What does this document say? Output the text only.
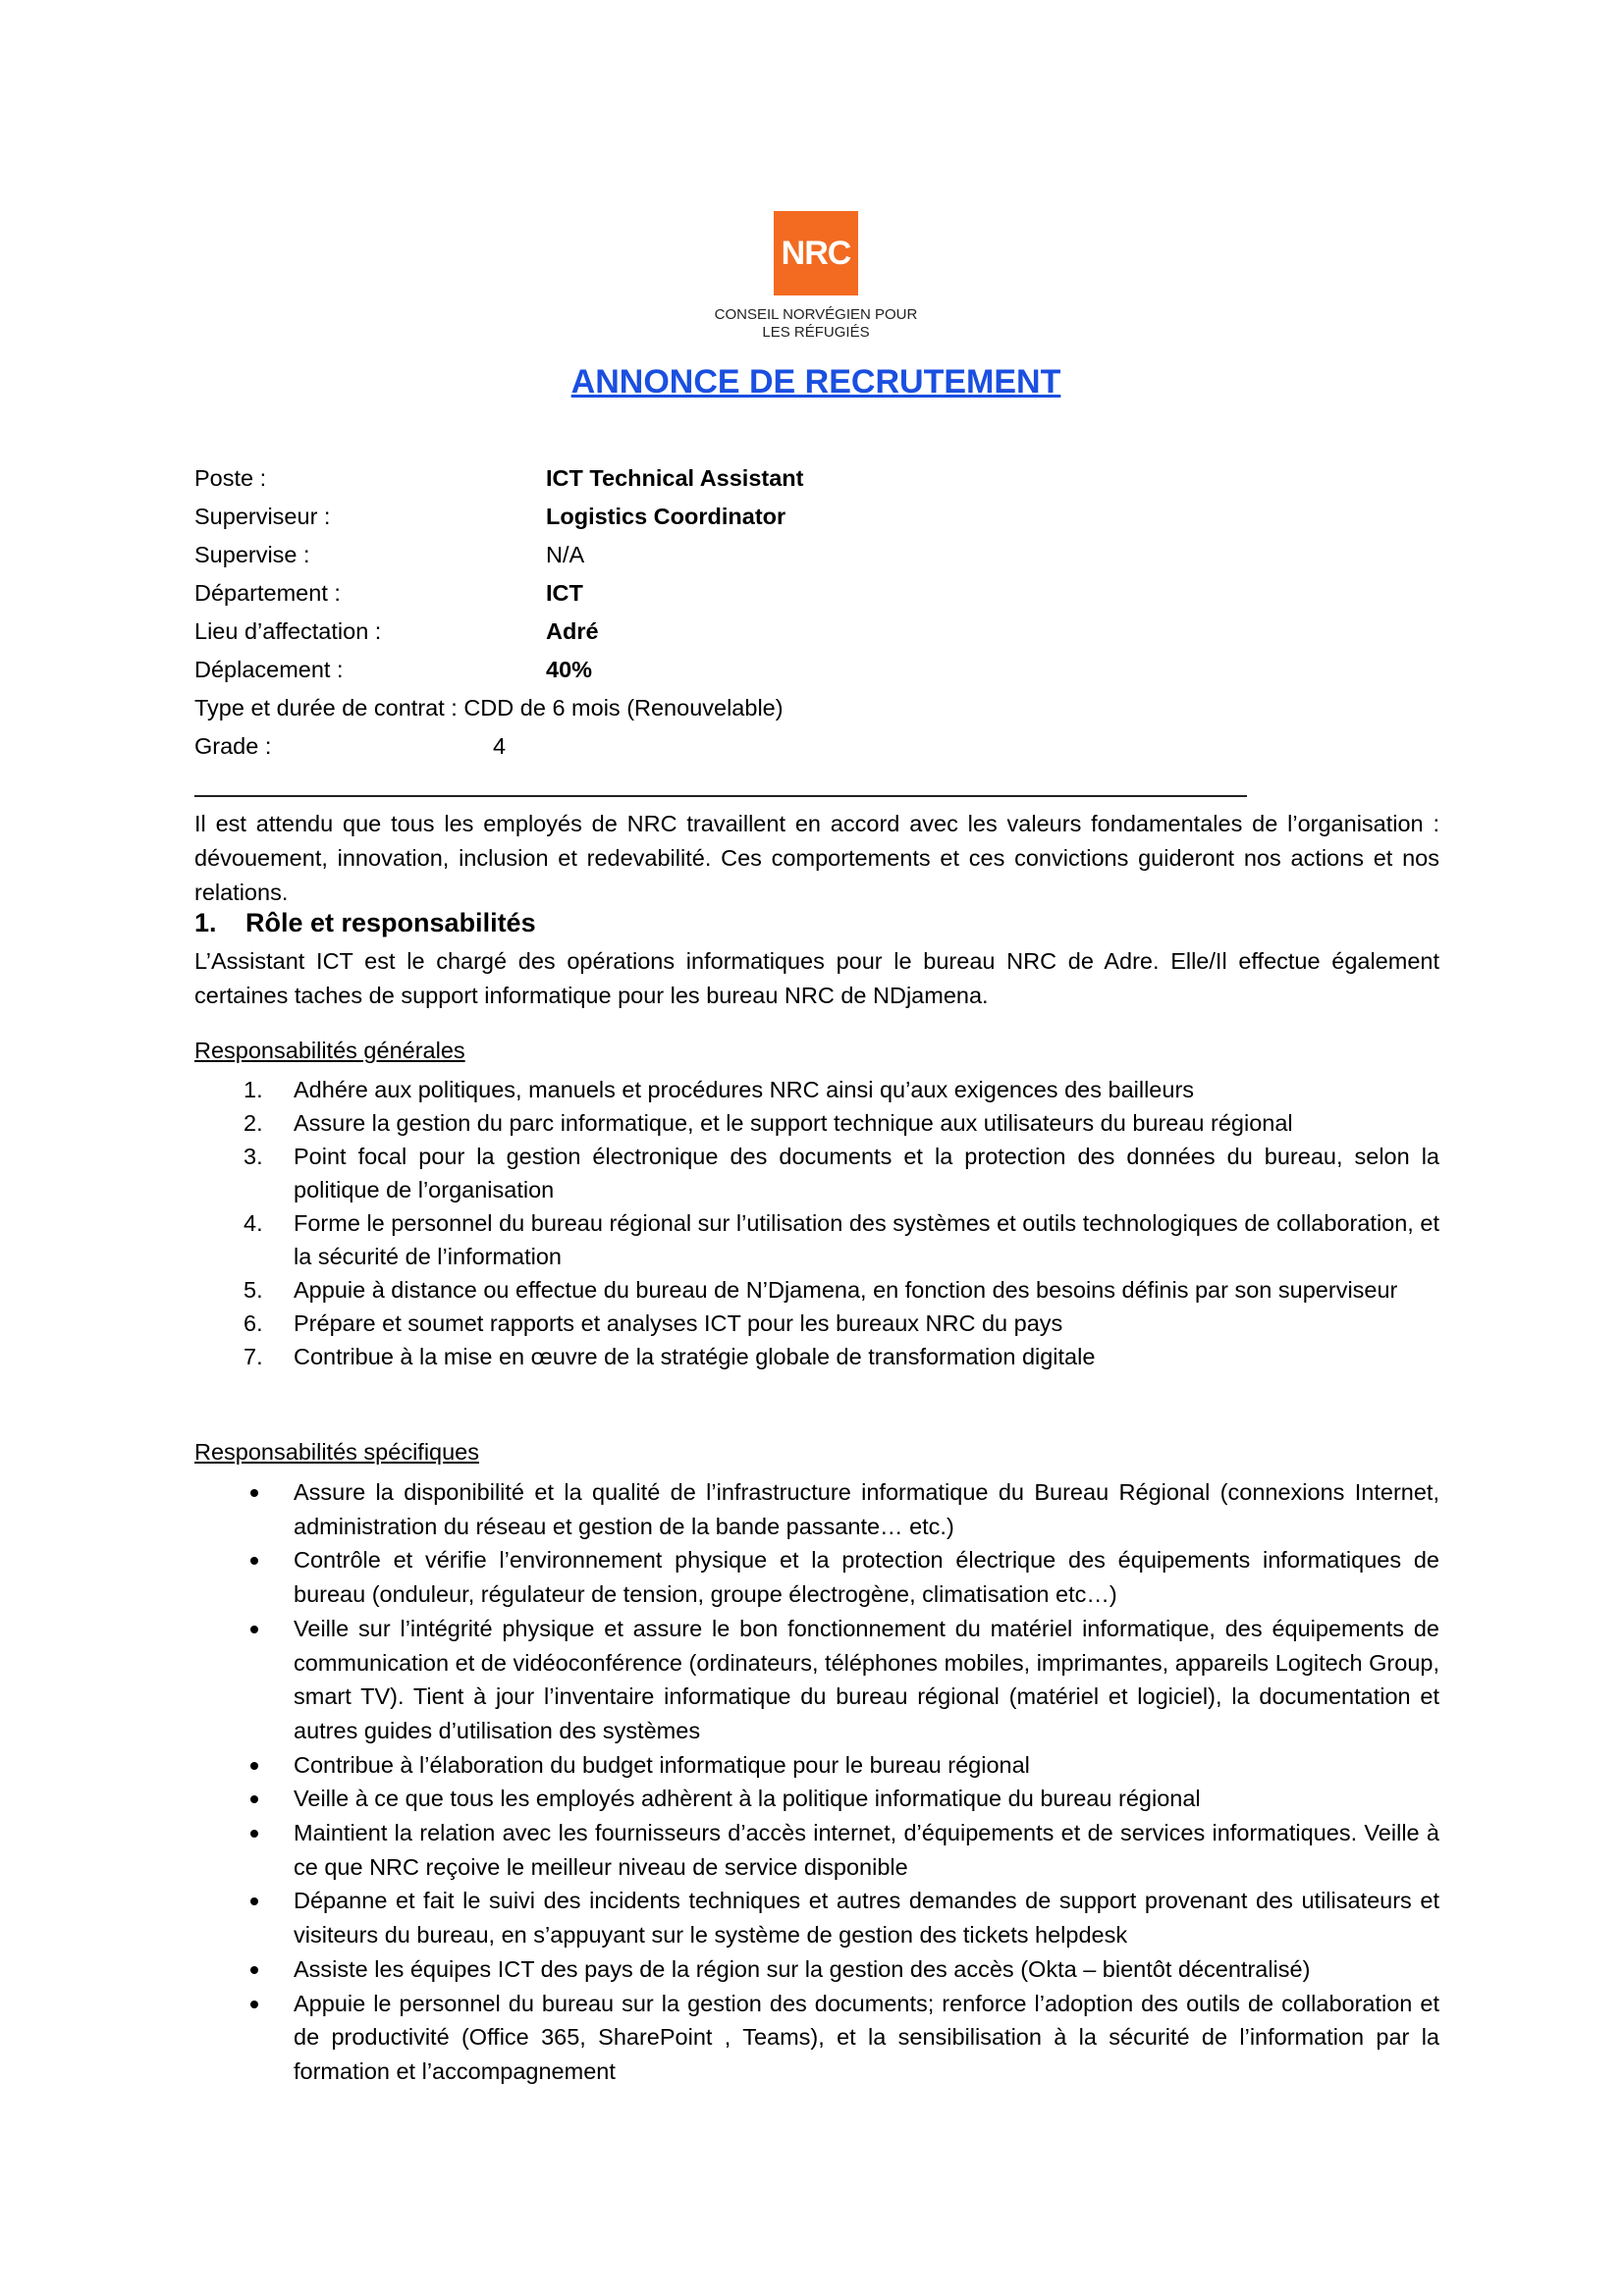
NRC
CONSEIL NORVÉGIEN POUR
LES RÉFUGIÉS
ANNONCE DE RECRUTEMENT
Poste :	ICT Technical Assistant
Superviseur :	Logistics Coordinator
Supervise :	N/A
Département :	ICT
Lieu d’affectation :	Adré
Déplacement :	40%
Type et durée de contrat : CDD de 6 mois (Renouvelable)
Grade :	4
Il est attendu que tous les employés de NRC travaillent en accord avec les valeurs fondamentales de l’organisation : dévouement, innovation, inclusion et redevabilité. Ces comportements et ces convictions guideront nos actions et nos relations.
1. Rôle et responsabilités
L’Assistant ICT est le chargé des opérations informatiques pour le bureau NRC de Adre. Elle/Il effectue également certaines taches de support informatique pour les bureau NRC de NDjamena.
Responsabilités générales
1. Adhére aux politiques, manuels et procédures NRC ainsi qu’aux exigences des bailleurs
2. Assure la gestion du parc informatique, et le support technique aux utilisateurs du bureau régional
3. Point focal pour la gestion électronique des documents et la protection des données du bureau, selon la politique de l’organisation
4. Forme le personnel du bureau régional sur l’utilisation des systèmes et outils technologiques de collaboration, et la sécurité de l’information
5. Appuie à distance ou effectue du bureau de N’Djamena, en fonction des besoins définis par son superviseur
6. Prépare et soumet rapports et analyses ICT pour les bureaux NRC du pays
7. Contribue à la mise en œuvre de la stratégie globale de transformation digitale
Responsabilités spécifiques
Assure la disponibilité et la qualité de l’infrastructure informatique du Bureau Régional (connexions Internet, administration du réseau et gestion de la bande passante… etc.)
Contrôle et vérifie l’environnement physique et la protection électrique des équipements informatiques de bureau (onduleur, régulateur de tension, groupe électrogène, climatisation etc…)
Veille sur l’intégrité physique et assure le bon fonctionnement du matériel informatique, des équipements de communication et de vidéoconférence (ordinateurs, téléphones mobiles, imprimantes, appareils Logitech Group, smart TV). Tient à jour l’inventaire informatique du bureau régional (matériel et logiciel), la documentation et autres guides d’utilisation des systèmes
Contribue à l’élaboration du budget informatique pour le bureau régional
Veille à ce que tous les employés adhèrent à la politique informatique du bureau régional
Maintient la relation avec les fournisseurs d’accès internet, d’équipements et de services informatiques. Veille à ce que NRC reçoive le meilleur niveau de service disponible
Dépanne et fait le suivi des incidents techniques et autres demandes de support provenant des utilisateurs et visiteurs du bureau, en s’appuyant sur le système de gestion des tickets helpdesk
Assiste les équipes ICT des pays de la région sur la gestion des accès (Okta – bientôt décentralisé)
Appuie le personnel du bureau sur la gestion des documents; renforce l’adoption des outils de collaboration et de productivité (Office 365, SharePoint , Teams), et la sensibilisation à la sécurité de l’information par la formation et l’accompagnement
